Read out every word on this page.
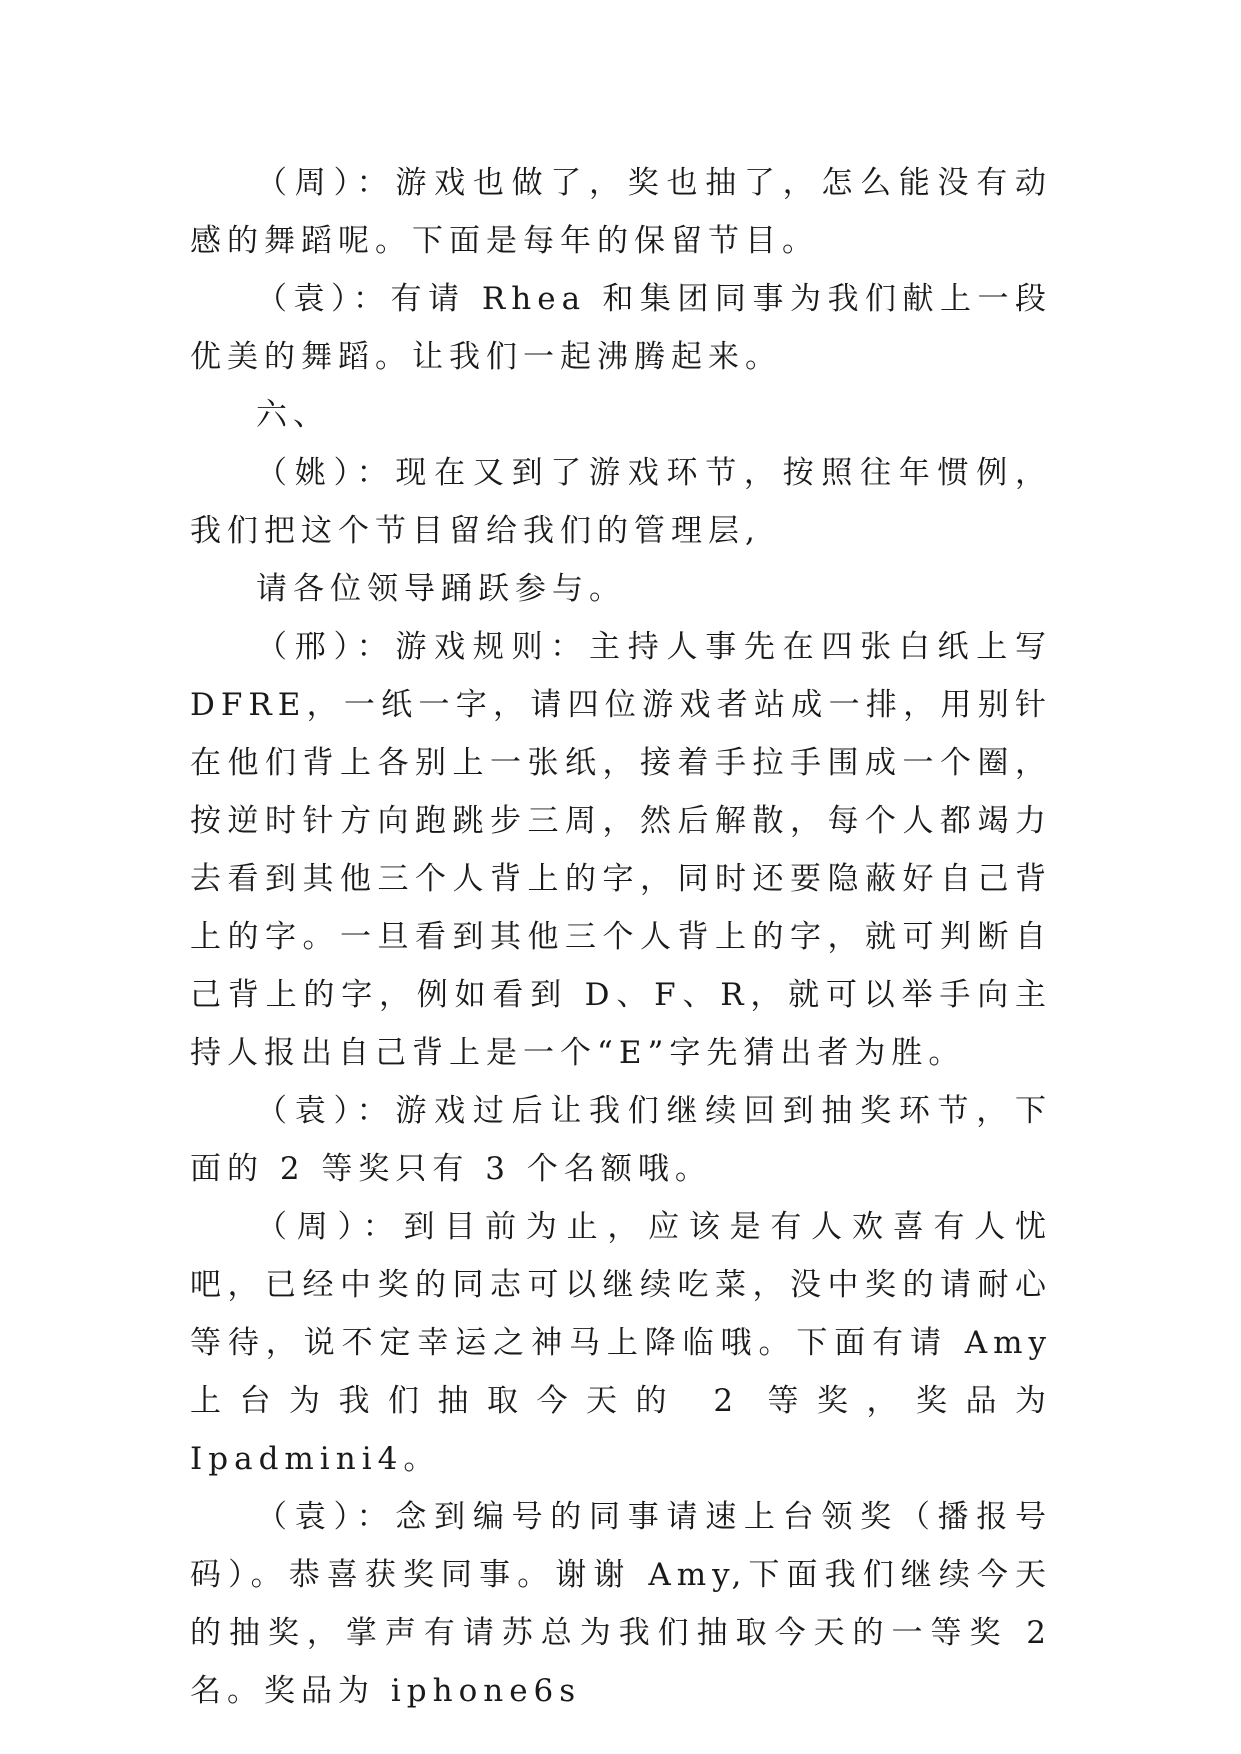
（周）：游戏也做了，奖也抽了，怎么能没有动感的舞蹈呢。下面是每年的保留节目。

（袁）：有请 Rhea 和集团同事为我们献上一段优美的舞蹈。让我们一起沸腾起来。

六、

（姚）：现在又到了游戏环节，按照往年惯例，我们把这个节目留给我们的管理层,

请各位领导踊跃参与。

（邢）：游戏规则：主持人事先在四张白纸上写 DFRE，一纸一字，请四位游戏者站成一排，用别针在他们背上各别上一张纸，接着手拉手围成一个圈，按逆时针方向跑跳步三周，然后解散，每个人都竭力去看到其他三个人背上的字，同时还要隐蔽好自己背上的字。一旦看到其他三个人背上的字，就可判断自己背上的字，例如看到 D、F、R，就可以举手向主持人报出自己背上是一个“E”字先猜出者为胜。

（袁）：游戏过后让我们继续回到抽奖环节，下面的 2 等奖只有 3 个名额哦。

（周）：到目前为止，应该是有人欢喜有人忧吧，已经中奖的同志可以继续吃菜，没中奖的请耐心等待，说不定幸运之神马上降临哦。下面有请 Amy 上台为我们抽取今天的 2 等奖，奖品为 Ipadmini4。

（袁）：念到编号的同事请速上台领奖（播报号码）。恭喜获奖同事。谢谢 Amy,下面我们继续今天的抽奖，掌声有请苏总为我们抽取今天的一等奖 2 名。奖品为 iphone6s
